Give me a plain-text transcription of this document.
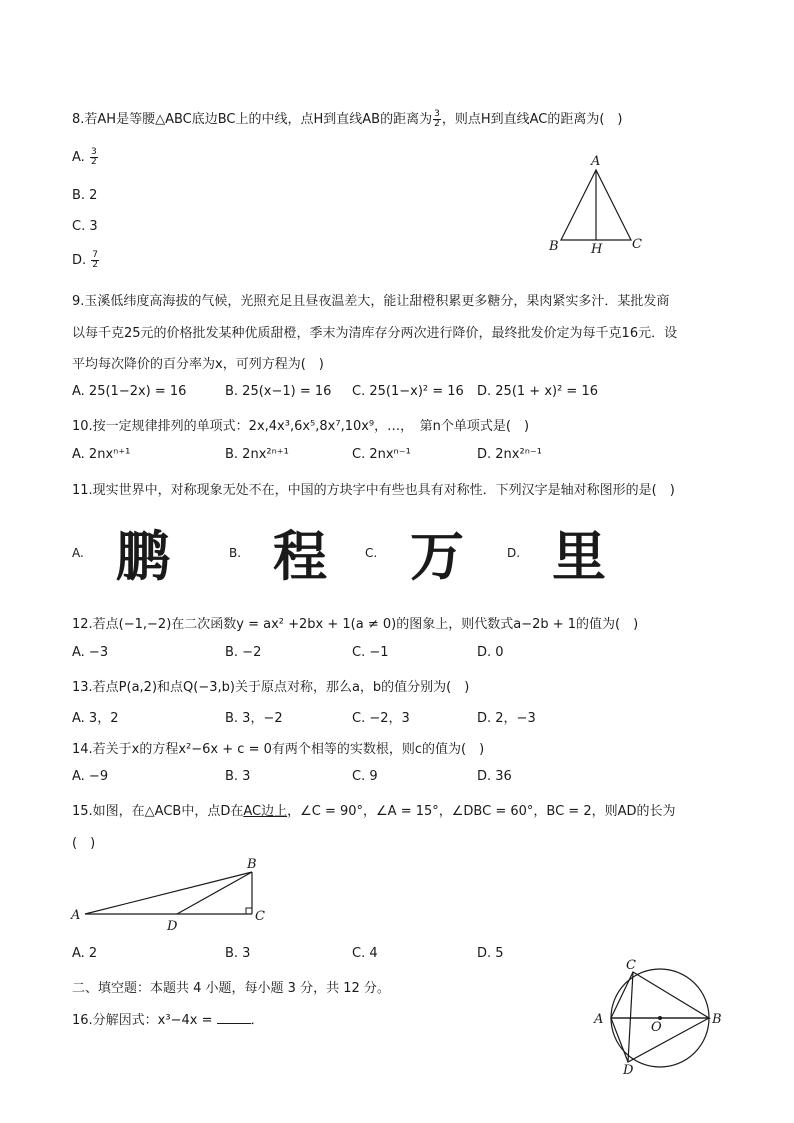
8.若AH是等腰△ABC底边BC上的中线，点H到直线AB的距离为 $\frac{3}{2}$ ，则点H到直线AC的距离为(　)
A. $\frac{3}{2}$
B. 2
C. 3
D. $\frac{7}{2}$
A
B H C
9.玉溪低纬度高海拔的气候，光照充足且昼夜温差大，能让甜橙积累更多糖分，果肉紧实多汁．某批发商
以每千克25元的价格批发某种优质甜橙，季末为清库存分两次进行降价，最终批发价定为每千克16元．设
平均每次降价的百分率为x，可列方程为(　)
A. 25(1−2x) = 16	B. 25(x−1) = 16 C. 25(1−x)² = 16 D. 25(1 + x)² = 16
10.按一定规律排列的单项式：2x,4x³,6x⁵,8x⁷,10x⁹，…，　第n个单项式是(　)
A. 2nxⁿ⁺¹	B. 2nx²ⁿ⁺¹	C. 2nxⁿ⁻¹	D. 2nx²ⁿ⁻¹
11.现实世界中，对称现象无处不在，中国的方块字中有些也具有对称性．下列汉字是轴对称图形的是(　)
A. 鹏	B. 程	C. 万	D. 里
12.若点(−1,−2)在二次函数y = ax² +2bx + 1(a ≠ 0)的图象上，则代数式a−2b + 1的值为(　)
A. −3	B. −2	C. −1	D. 0
13.若点P(a,2)和点Q(−3,b)关于原点对称，那么a，b的值分别为(　)
A. 3，2	B. 3，−2	C. −2，3	D. 2，−3
14.若关于x的方程x²−6x + c = 0有两个相等的实数根，则c的值为(　)
A. −9	B. 3	C. 9	D. 36
15.如图，在△ACB中，点D在AC边上，∠C = 90°，∠A = 15°，∠DBC = 60°，BC = 2，则AD的长为
(　)
A
B
C
D
A. 2	B. 3	C. 4	D. 5
二、填空题：本题共 4 小题，每小题 3 分，共 12 分。
16.分解因式：x³−4x =	．	A	B
C
D
O
